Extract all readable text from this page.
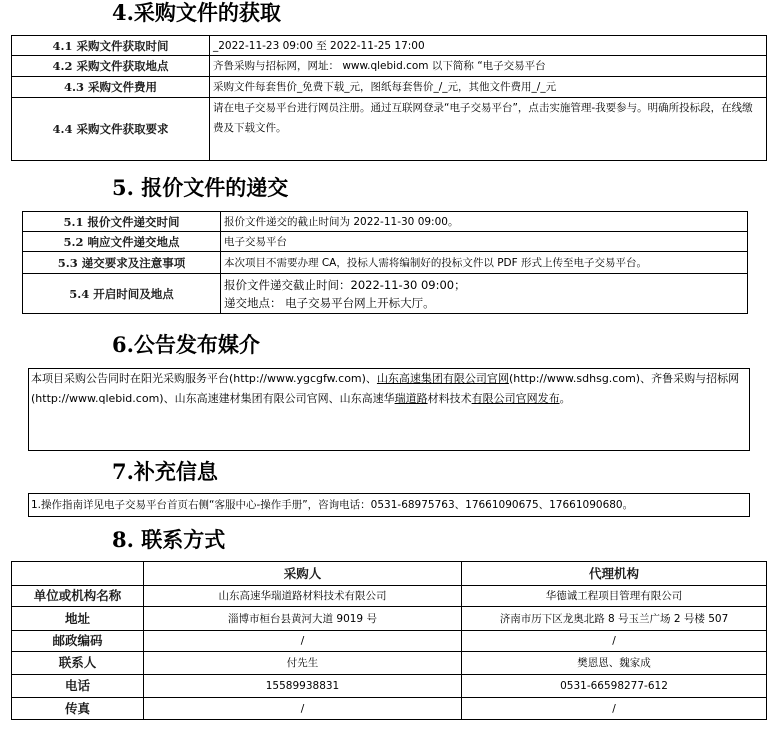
4.采购文件的获取
4.1 采购文件获取时间	_2022-11-23 09:00 至 2022-11-25 17:00
4.2 采购文件获取地点	齐鲁采购与招标网，网址： www.qlebid.com 以下简称 “电子交易平台
4.3 采购文件费用	采购文件每套售价_免费下载_元，图纸每套售价_/_元，其他文件费用_/_元
4.4 采购文件获取要求	请在电子交易平台进行网员注册。通过互联网登录“电子交易平台”，点击实施管理-我要参与。明确所投标段，在线缴费及下载文件。
5. 报价文件的递交
5.1 报价文件递交时间	报价文件递交的截止时间为 2022-11-30 09:00。
5.2 响应文件递交地点	电子交易平台
5.3 递交要求及注意事项	本次项目不需要办理 CA，投标人需将编制好的投标文件以 PDF 形式上传至电子交易平台。
5.4 开启时间及地点	报价文件递交截止时间：2022-11-30 09:00；
递交地点： 电子交易平台网上开标大厅。
6.公告发布媒介
本项目采购公告同时在阳光采购服务平台(http://www.ygcgfw.com)、山东高速集团有限公司官网(http://www.sdhsg.com)、齐鲁采购与招标网(http://www.qlebid.com)、山东高速建材集团有限公司官网、山东高速华瑞道路材料技术有限公司官网发布。
7.补充信息
1.操作指南详见电子交易平台首页右侧“客服中心-操作手册”，咨询电话：0531-68975763、17661090675、17661090680。
8. 联系方式
	采购人	代理机构
单位或机构名称	山东高速华瑞道路材料技术有限公司	华德诚工程项目管理有限公司
地址	淄博市桓台县黄河大道 9019 号	济南市历下区龙奥北路 8 号玉兰广场 2 号楼 507
邮政编码	/	/
联系人	付先生	樊恩恩、魏家成
电话	15589938831	0531-66598277-612
传真	/	/
